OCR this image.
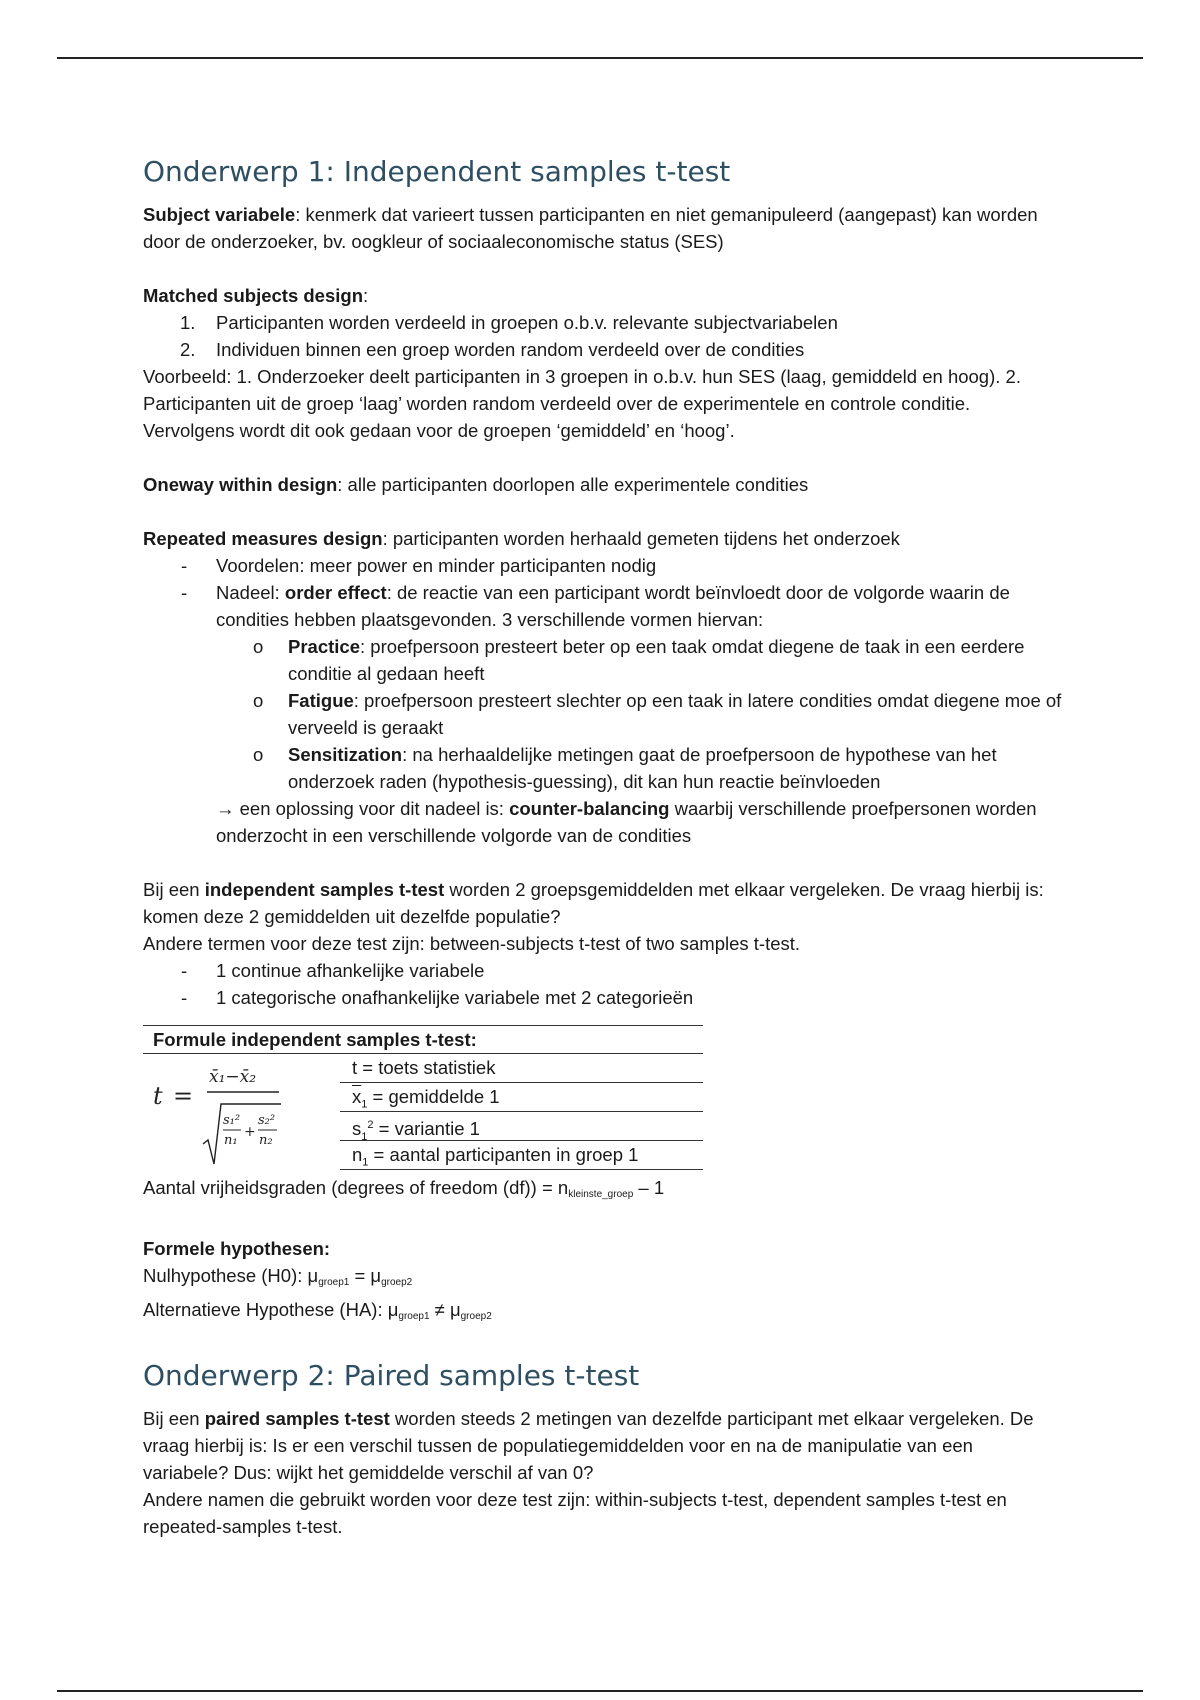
Onderwerp 1: Independent samples t-test

Subject variabele: kenmerk dat varieert tussen participanten en niet gemanipuleerd (aangepast) kan worden door de onderzoeker, bv. oogkleur of sociaaleconomische status (SES)

Matched subjects design:

1. Participanten worden verdeeld in groepen o.b.v. relevante subjectvariabelen
2. Individuen binnen een groep worden random verdeeld over de condities

Voorbeeld: 1. Onderzoeker deelt participanten in 3 groepen in o.b.v. hun SES (laag, gemiddeld en hoog). 2. Participanten uit de groep ‘laag’ worden random verdeeld over de experimentele en controle conditie. Vervolgens wordt dit ook gedaan voor de groepen ‘gemiddeld’ en ‘hoog’.

Oneway within design: alle participanten doorlopen alle experimentele condities

Repeated measures design: participanten worden herhaald gemeten tijdens het onderzoek

- Voordelen: meer power en minder participanten nodig
- Nadeel: order effect: de reactie van een participant wordt beïnvloedt door de volgorde waarin de condities hebben plaatsgevonden. 3 verschillende vormen hiervan:
o Practice: proefpersoon presteert beter op een taak omdat diegene de taak in een eerdere conditie al gedaan heeft
o Fatigue: proefpersoon presteert slechter op een taak in latere condities omdat diegene moe of verveeld is geraakt
o Sensitization: na herhaaldelijke metingen gaat de proefpersoon de hypothese van het onderzoek raden (hypothesis-guessing), dit kan hun reactie beïnvloeden

→ een oplossing voor dit nadeel is: counter-balancing waarbij verschillende proefpersonen worden onderzocht in een verschillende volgorde van de condities

Bij een independent samples t-test worden 2 groepsgemiddelden met elkaar vergeleken. De vraag hierbij is: komen deze 2 gemiddelden uit dezelfde populatie?

Andere termen voor deze test zijn: between-subjects t-test of two samples t-test.

- 1 continue afhankelijke variabele
- 1 categorische onafhankelijke variabele met 2 categorieën
Formule independent samples t-test:
t =
x̄₁−x̄₂
s₁²
n₁
+
s₂²
n₂
t = toets statistiek
$\overline{x}_1$ = gemiddelde 1
$s_1^2$ = variantie 1
$n_1$ = aantal participanten in groep 1
Aantal vrijheidsgraden (degrees of freedom (df)) = nkleinste_groep – 1

Formele hypothesen:

Nulhypothese (H0): μgroep1 = μgroep2

Alternatieve Hypothese (HA): μgroep1 ≠ μgroep2

Onderwerp 2: Paired samples t-test

Bij een paired samples t-test worden steeds 2 metingen van dezelfde participant met elkaar vergeleken. De vraag hierbij is: Is er een verschil tussen de populatiegemiddelden voor en na de manipulatie van een variabele? Dus: wijkt het gemiddelde verschil af van 0?

Andere namen die gebruikt worden voor deze test zijn: within-subjects t-test, dependent samples t-test en repeated-samples t-test.
